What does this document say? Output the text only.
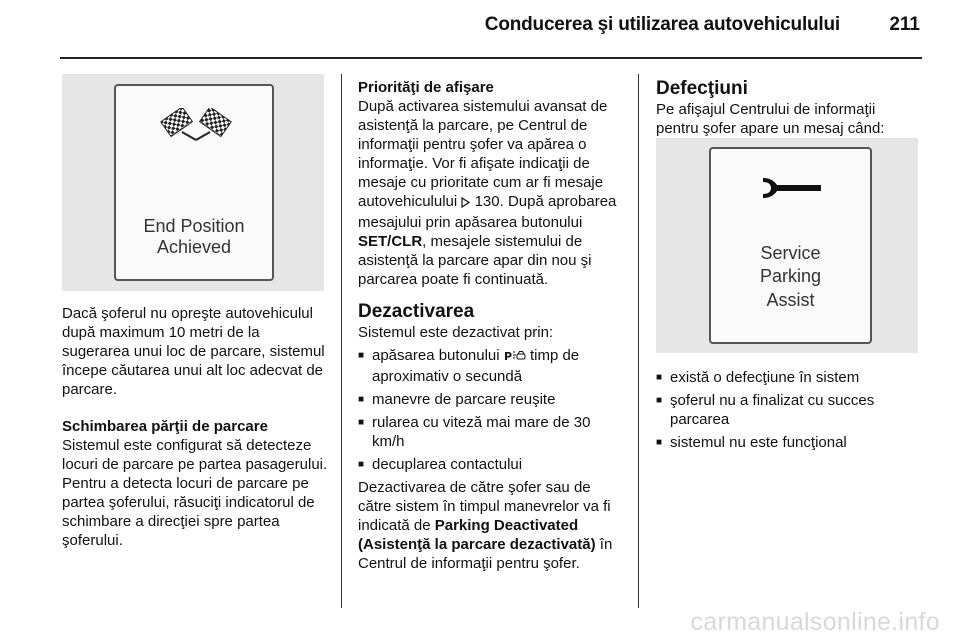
Conducerea şi utilizarea autovehiculului	211
End Position
Achieved

Dacă şoferul nu opreşte autovehiculul după maximum 10 metri de la sugerarea unui loc de parcare, sistemul începe căutarea unui alt loc adecvat de parcare.

Schimbarea părţii de parcare

Sistemul este configurat să detecteze locuri de parcare pe partea pasagerului. Pentru a detecta locuri de parcare pe partea şoferului, răsuciţi indicatorul de schimbare a direcţiei spre partea şoferului.

Priorităţi de afişare

După activarea sistemului avansat de asistenţă la parcare, pe Centrul de informaţii pentru şofer va apărea o informaţie. Vor fi afişate indicaţii de mesaje cu prioritate cum ar fi mesaje autovehiculului 130. După aprobarea mesajului prin apăsarea butonului SET/CLR, mesajele sistemului de asistenţă la parcare apar din nou şi parcarea poate fi continuată.

Dezactivarea

Sistemul este dezactivat prin:

■ apăsarea butonului P timp de aproximativ o secundă
■ manevre de parcare reuşite
■ rularea cu viteză mai mare de 30 km/h
■ decuplarea contactului

Dezactivarea de către şofer sau de către sistem în timpul manevrelor va fi indicată de Parking Deactivated (Asistenţă la parcare dezactivată) în Centrul de informaţii pentru şofer.

Defecţiuni

Pe afişajul Centrului de informaţii pentru şofer apare un mesaj când:

Service
Parking
Assist
■ există o defecţiune în sistem
■ şoferul nu a finalizat cu succes parcarea
■ sistemul nu este funcţional
carmanualsonline.info
